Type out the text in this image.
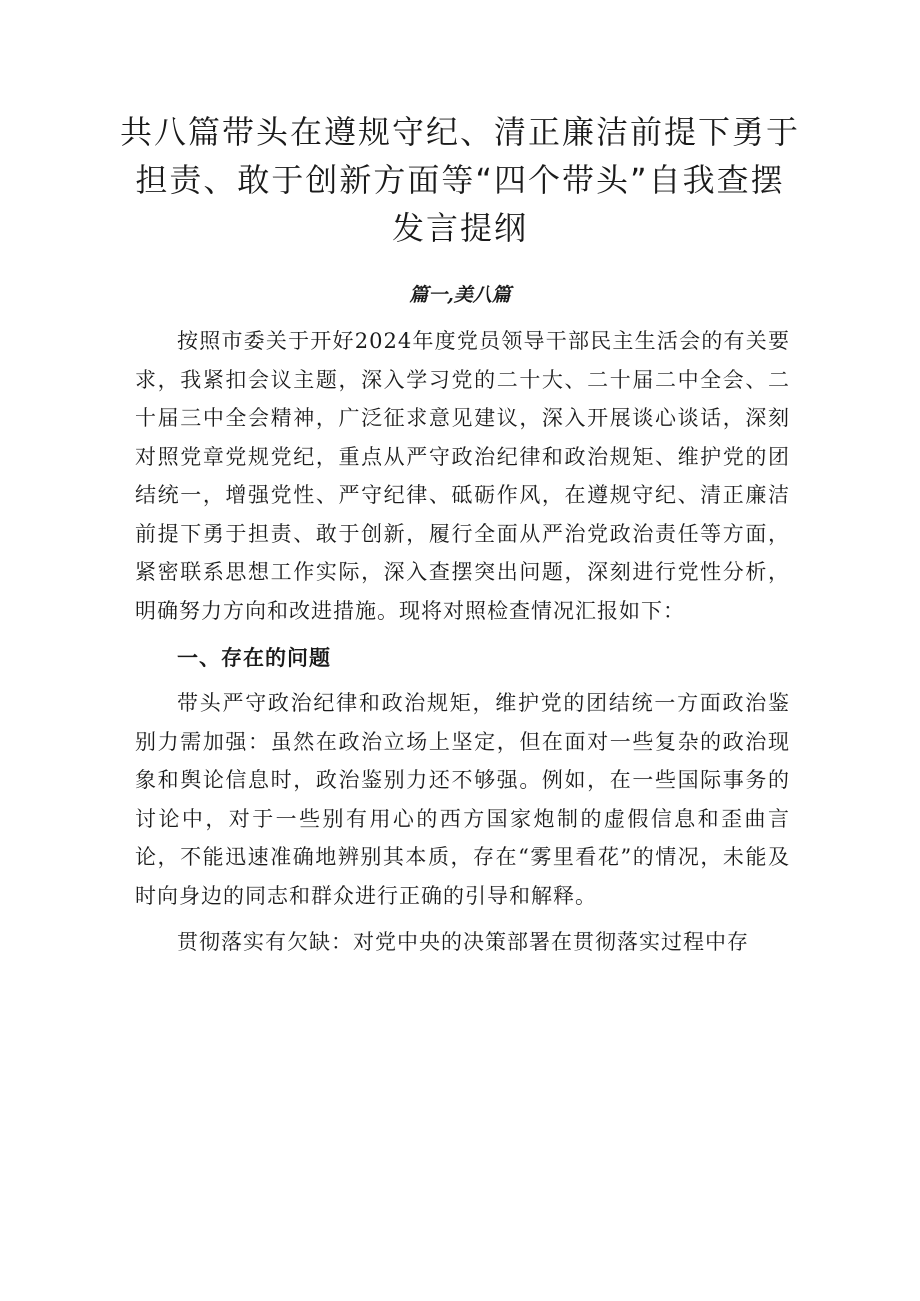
共八篇带头在遵规守纪、清正廉洁前提下勇于担责、敢于创新方面等“四个带头”自我查摆发言提纲
篇一,美八篇

按照市委关于开好2024年度党员领导干部民主生活会的有关要求，我紧扣会议主题，深入学习党的二十大、二十届二中全会、二十届三中全会精神，广泛征求意见建议，深入开展谈心谈话，深刻对照党章党规党纪，重点从严守政治纪律和政治规矩、维护党的团结统一，增强党性、严守纪律、砥砺作风，在遵规守纪、清正廉洁前提下勇于担责、敢于创新，履行全面从严治党政治责任等方面，紧密联系思想工作实际，深入查摆突出问题，深刻进行党性分析，明确努力方向和改进措施。现将对照检查情况汇报如下：

一、存在的问题

带头严守政治纪律和政治规矩，维护党的团结统一方面政治鉴别力需加强：虽然在政治立场上坚定，但在面对一些复杂的政治现象和舆论信息时，政治鉴别力还不够强。例如，在一些国际事务的讨论中，对于一些别有用心的西方国家炮制的虚假信息和歪曲言论，不能迅速准确地辨别其本质，存在“雾里看花”的情况，未能及时向身边的同志和群众进行正确的引导和解释。

贯彻落实有欠缺：对党中央的决策部署在贯彻落实过程中存
